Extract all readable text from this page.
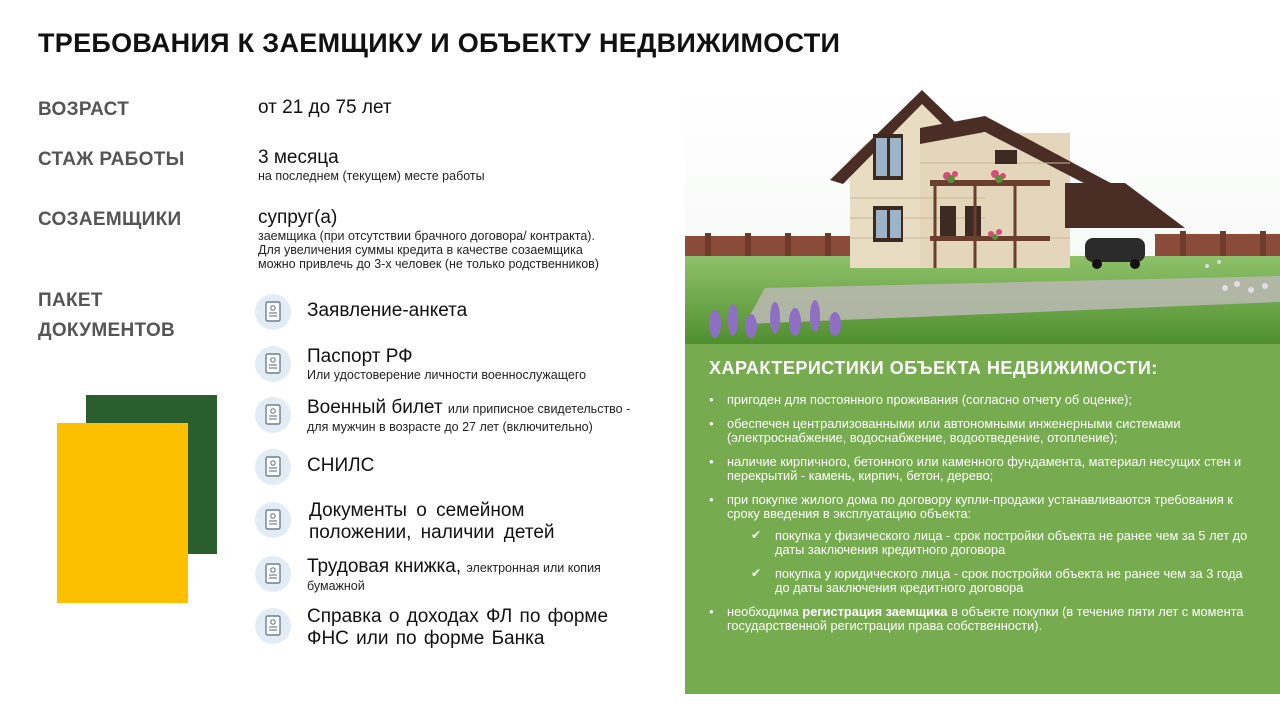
ТРЕБОВАНИЯ К ЗАЕМЩИКУ И ОБЪЕКТУ НЕДВИЖИМОСТИ
ВОЗРАСТ	от 21 до 75 лет
СТАЖ РАБОТЫ	3 месяца
на последнем (текущем) месте работы
СОЗАЕМЩИКИ	супруг(а)
заемщика (при отсутствии брачного договора/ контракта).
Для увеличения суммы кредита в качестве созаемщика
можно привлечь до 3-х человек (не только родственников)
ПАКЕТ
ДОКУМЕНТОВ
Заявление-анкета
Паспорт РФ
Или удостоверение личности военнослужащего
Военный билет или приписное свидетельство -
для мужчин в возрасте до 27 лет (включительно)
СНИЛС
Документы о семейном
положении, наличии детей
Трудовая книжка, электронная или копия
бумажной
Справка о доходах ФЛ по форме
ФНС или по форме Банка
ХАРАКТЕРИСТИКИ ОБЪЕКТА НЕДВИЖИМОСТИ:
● пригоден для постоянного проживания (согласно отчету об оценке);
● обеспечен централизованными или автономными инженерными системами (электроснабжение, водоснабжение, водоотведение, отопление);
● наличие кирпичного, бетонного или каменного фундамента, материал несущих стен и перекрытий - камень, кирпич, бетон, дерево;
● при покупке жилого дома по договору купли-продажи устанавливаются требования к сроку введения в эксплуатацию объекта:
✔ покупка у физического лица - срок постройки объекта не ранее чем за 5 лет до даты заключения кредитного договора
✔ покупка у юридического лица - срок постройки объекта не ранее чем за 3 года до даты заключения кредитного договора
● необходима регистрация заемщика в объекте покупки (в течение пяти лет с момента государственной регистрации права собственности).
